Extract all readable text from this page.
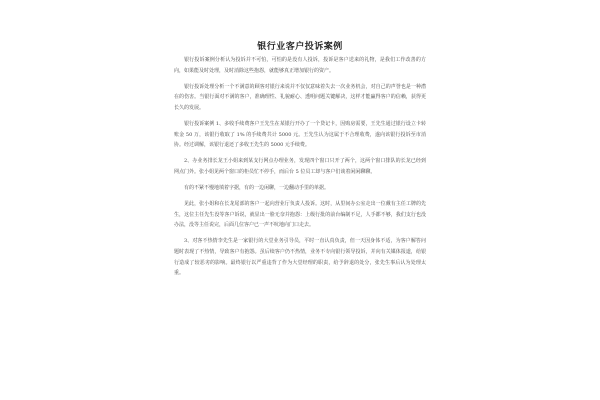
银行业客户投诉案例

银行投诉案例分析认为投诉并不可怕，可怕的是没有人投诉，投诉是客户送来的礼物，是我们工作改善的方向，如果能及时处理，及时消除这些抱怨，就能够真正增加银行的资产。

银行投诉处理分析一个不满意的顾客对银行来说并不仅仅意味着失去一次业务机会，对自己的声誉也是一种潜在的伤害。当银行面对不满的客户，准确理性、礼貌耐心、透明问题关键解决，这样才能赢得客户的信赖，获得更长久的发展。

银行投诉案例 1、多收手续费客户王先生在某银行开办了一个贷记卡，因购房需要，王先生通过银行设立卡转账金 50 万，该银行收取了 1% 的手续费共计 5000 元。王先生认为这属于不合理收费，遂向该银行投诉至市消协。经过调解，该银行退还了多收王先生的 5000 元手续费。

2、办业务排长龙王小姐来到某支行网点办理业务，发现四个窗口只开了两个，这两个窗口排队的长龙已经到网点门外。张小姐见两个窗口的柜员忙不停手，而后台 5 位员工却与客户们谈着闲闲聊聊。

有的不紧不慢地填着字据，有的一边闲聊，一边翻动手里的单据。

见此，张小姐和在长龙尾部的客户一起向营业厅负责人投诉。这时，从里间办公室走出一位戴有主任工牌的先生，这位主任先生没等客户诉说，就显出一脸无奈并抱怨：上级行批的前台编制不足，人手都不够，我们支行也没办法，没等主任说完，后面几位客户已一声不吭地向门口走去。

3、对客不热情李先生是一家银行的大堂业务引导员，平时一直认真负责，但一天因身体不适，为客户解答问题时表现了不热情，导致客户有抱怨。虽后续客户仍不热情，业务不专向银行领导投诉，并向有关媒体报道，给银行造成了较恶劣的影响。最终银行以严重违背了作为大堂经理的职责，给予辞退的处分，张先生事后认为处理太重。
